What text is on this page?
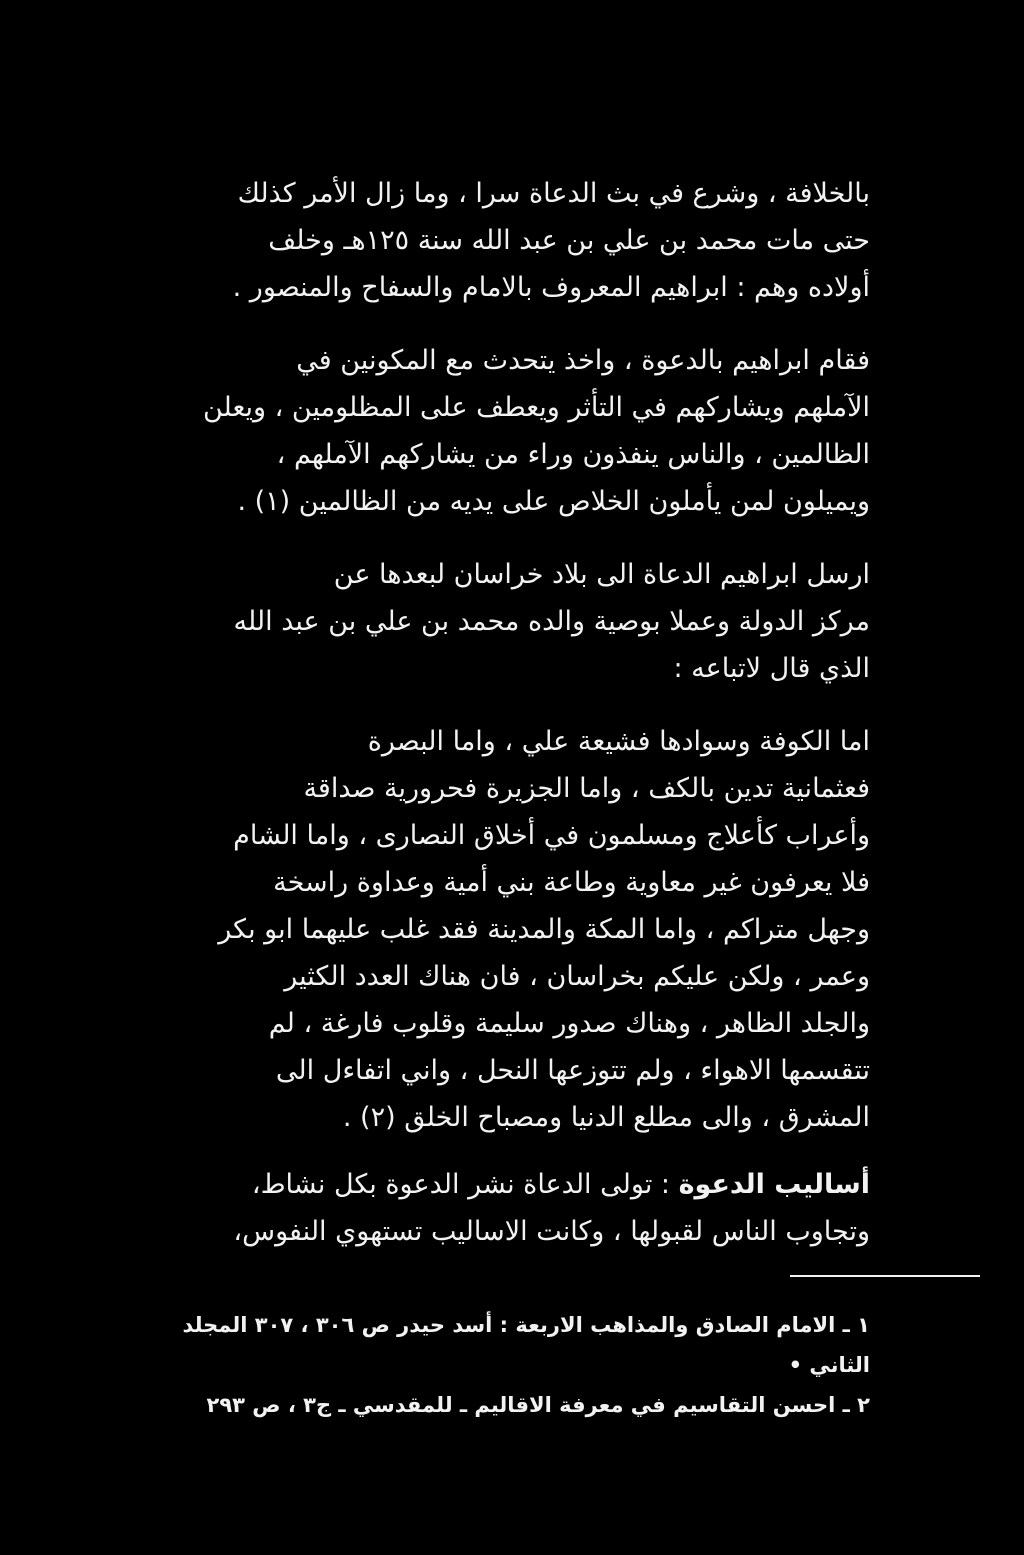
بالخلافة ، وشرع في بث الدعاة سرا ، وما زال الأمر كذلك

حتى مات محمد بن علي بن عبد الله سنة ١٢٥هـ وخلف

أولاده وهم : ابراهيم المعروف بالامام والسفاح والمنصور .

فقام ابراهيم بالدعوة ، واخذ يتحدث مع المكونين في

الآملهم ويشاركهم في التأثر ويعطف على المظلومين ، ويعلن

الظالمين ، والناس ينفذون وراء من يشاركهم الآملهم ،

ويميلون لمن يأملون الخلاص على يديه من الظالمين (١) .

ارسل ابراهيم الدعاة الى بلاد خراسان لبعدها عن

مركز الدولة وعملا بوصية والده محمد بن علي بن عبد الله

الذي قال لاتباعه :

اما الكوفة وسوادها فشيعة علي ، واما البصرة

فعثمانية تدين بالكف ، واما الجزيرة فحرورية صداقة

وأعراب كأعلاج ومسلمون في أخلاق النصارى ، واما الشام

فلا يعرفون غير معاوية وطاعة بني أمية وعداوة راسخة

وجهل متراكم ، واما المكة والمدينة فقد غلب عليهما ابو بكر

وعمر ، ولكن عليكم بخراسان ، فان هناك العدد الكثير

والجلد الظاهر ، وهناك صدور سليمة وقلوب فارغة ، لم

تتقسمها الاهواء ، ولم تتوزعها النحل ، واني اتفاءل الى

المشرق ، والى مطلع الدنيا ومصباح الخلق (٢) .

أساليب الدعوة : تولى الدعاة نشر الدعوة بكل نشاط،

وتجاوب الناس لقبولها ، وكانت الاساليب تستهوي النفوس،

١ ـ الامام الصادق والمذاهب الاربعة : أسد حيدر ص ٣٠٦ ، ٣٠٧ المجلد

الثاني •

٢ ـ احسن التقاسيم في معرفة الاقاليم ـ للمقدسي ـ ج٣ ، ص ٢٩٣
